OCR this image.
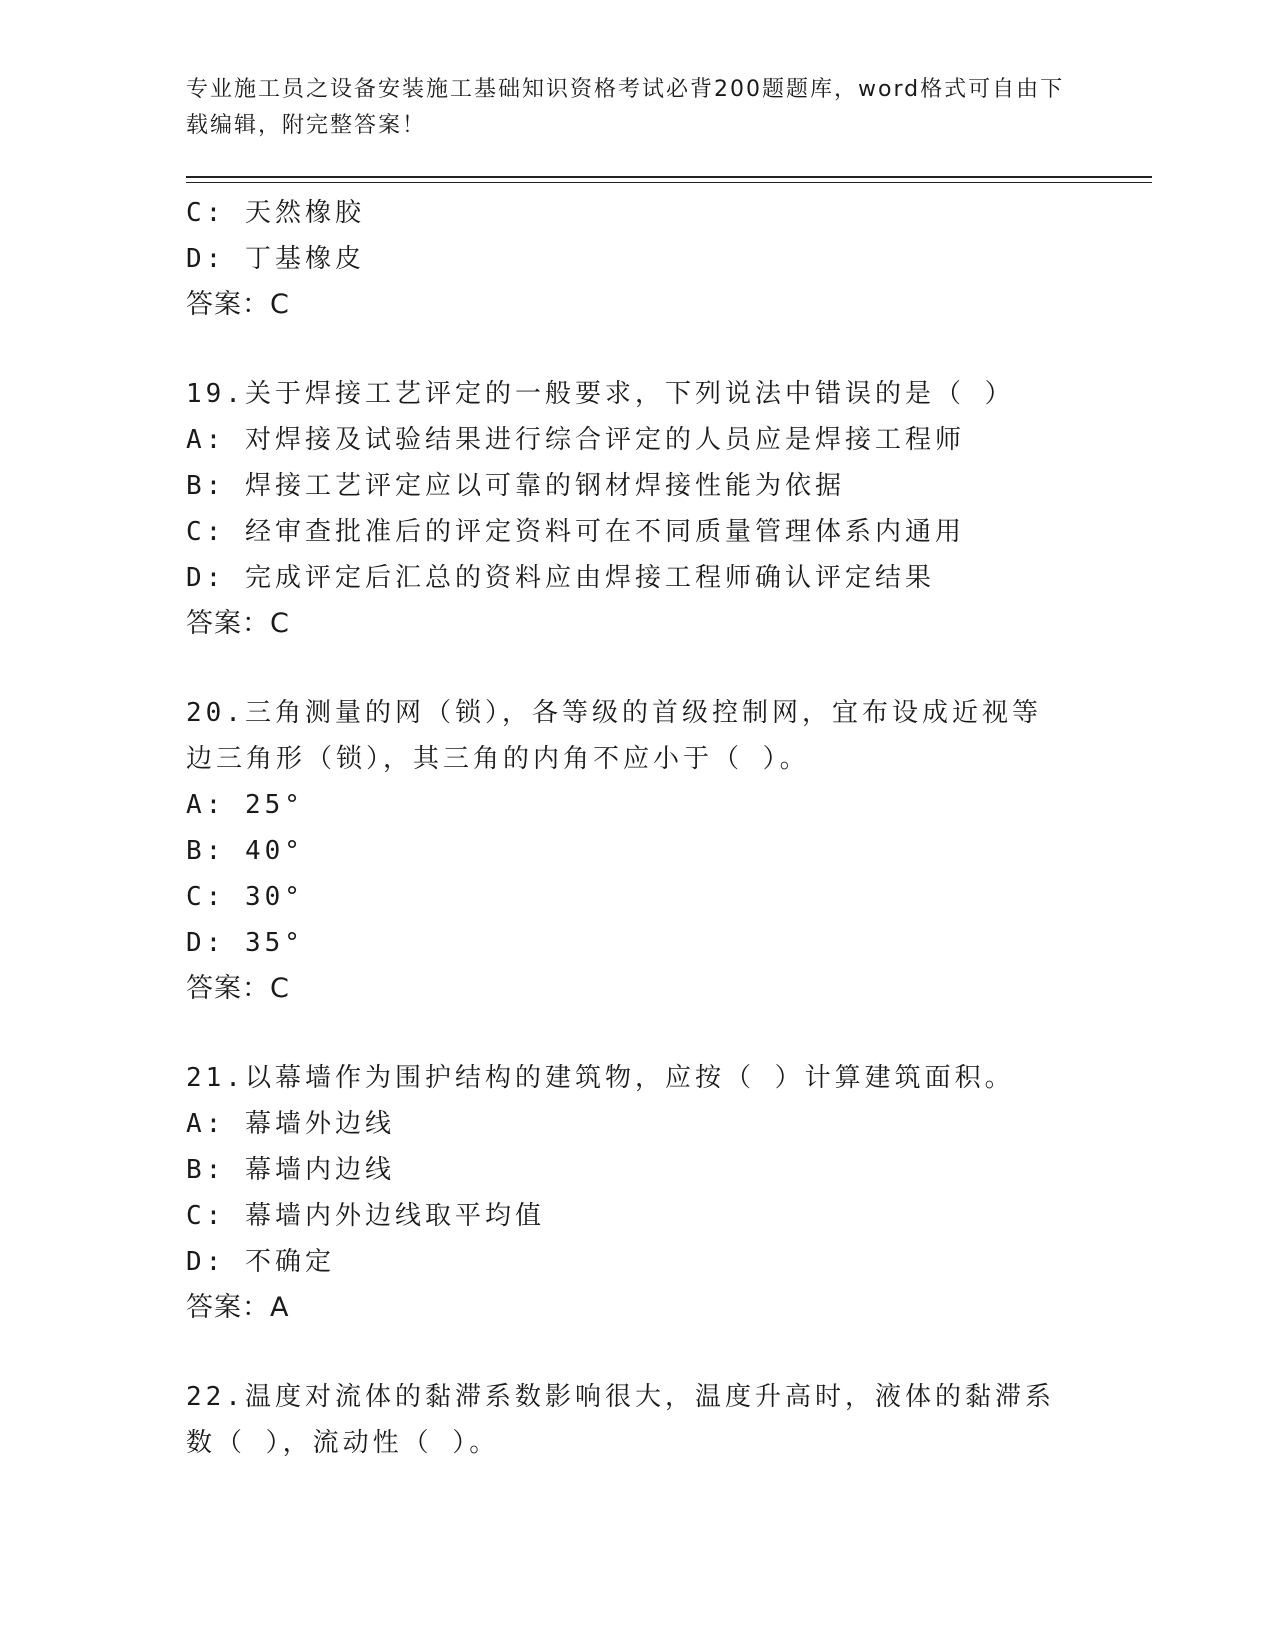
专业施工员之设备安装施工基础知识资格考试必背200题题库，word格式可自由下载编辑，附完整答案！
C: 天然橡胶
D: 丁基橡皮
答案：C
19.关于焊接工艺评定的一般要求，下列说法中错误的是（ ）
A: 对焊接及试验结果进行综合评定的人员应是焊接工程师
B: 焊接工艺评定应以可靠的钢材焊接性能为依据
C: 经审查批准后的评定资料可在不同质量管理体系内通用
D: 完成评定后汇总的资料应由焊接工程师确认评定结果
答案：C
20.三角测量的网（锁），各等级的首级控制网，宜布设成近视等边三角形（锁），其三角的内角不应小于（ ）。
A: 25°
B: 40°
C: 30°
D: 35°
答案：C
21.以幕墙作为围护结构的建筑物，应按（ ）计算建筑面积。
A: 幕墙外边线
B: 幕墙内边线
C: 幕墙内外边线取平均值
D: 不确定
答案：A
22.温度对流体的黏滞系数影响很大，温度升高时，液体的黏滞系数（ ），流动性（ ）。
